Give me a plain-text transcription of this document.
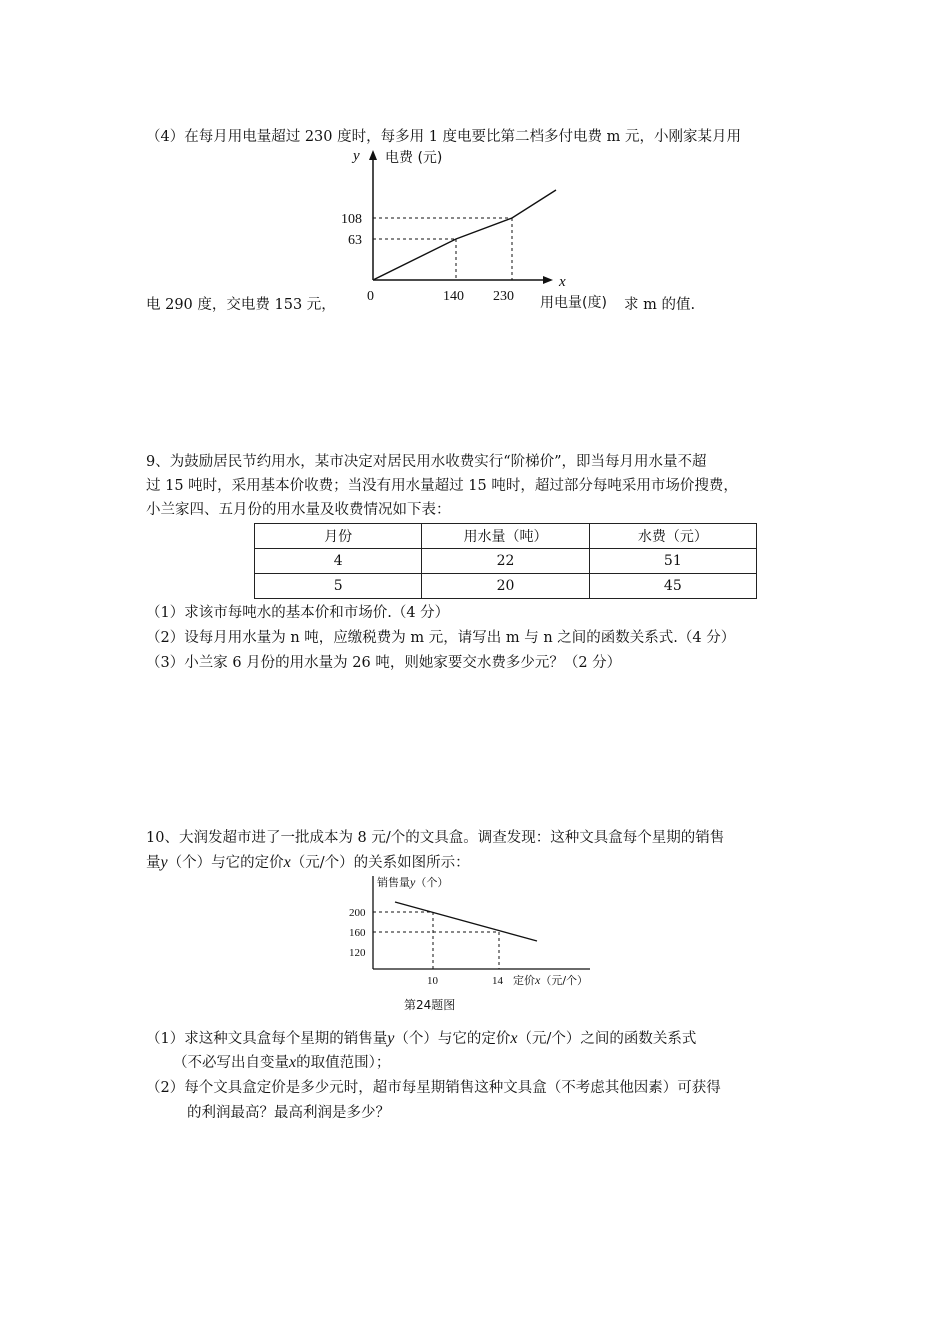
（4）在每月用电量超过 230 度时，每多用 1 度电要比第二档多付电费 m 元，小刚家某月用
电 290 度，交电费 153 元，	求 m 的值.
y 电费 (元)
108
63
0	140 230
x
用电量(度)
9、为鼓励居民节约用水，某市决定对居民用水收费实行“阶梯价”，即当每月用水量不超
过 15 吨时，采用基本价收费；当没有用水量超过 15 吨时，超过部分每吨采用市场价搜费，
小兰家四、五月份的用水量及收费情况如下表：
月份	用水量（吨）	水费（元）
4	22	51
5	20	45
（1）求该市每吨水的基本价和市场价.（4 分）
（2）设每月用水量为 n 吨，应缴税费为 m 元，请写出 m 与 n 之间的函数关系式.（4 分）
（3）小兰家 6 月份的用水量为 26 吨，则她家要交水费多少元？（2 分）
10、大润发超市进了一批成本为 8 元/个的文具盒。调查发现：这种文具盒每个星期的销售
量y（个）与它的定价x（元/个）的关系如图所示：
销售量y（个）
200
160
120
10	14 定价x（元/个）
第24题图
（1）求这种文具盒每个星期的销售量y（个）与它的定价x（元/个）之间的函数关系式
（不必写出自变量x的取值范围）；
（2）每个文具盒定价是多少元时，超市每星期销售这种文具盒（不考虑其他因素）可获得
的利润最高？最高利润是多少？
